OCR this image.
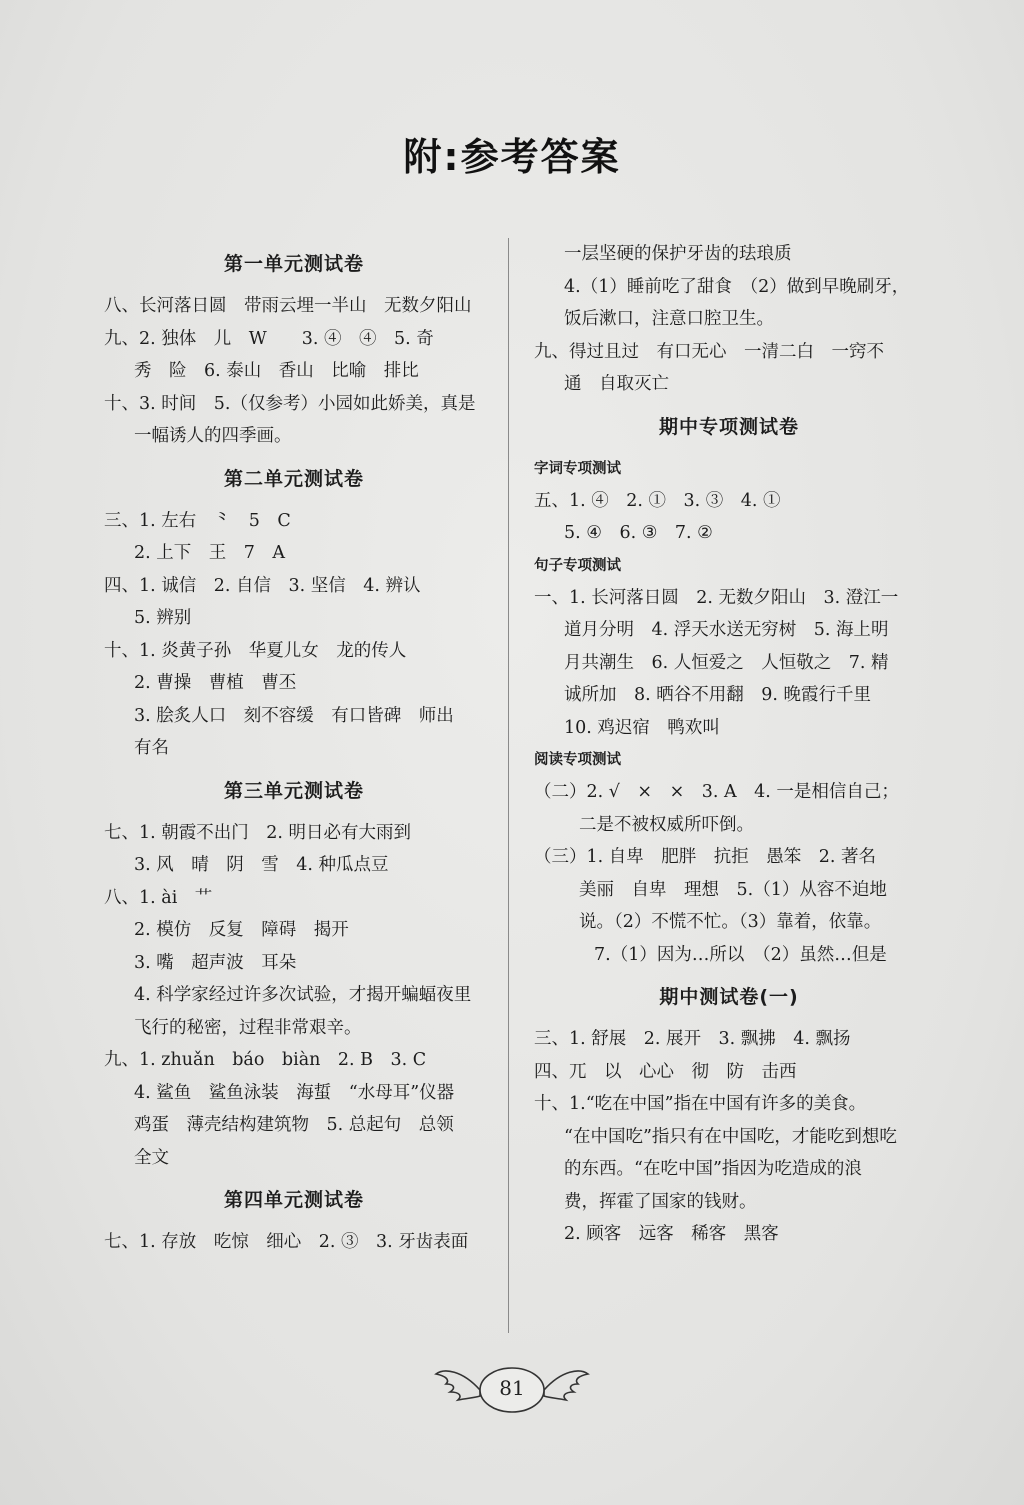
附:参考答案
第一单元测试卷
八、长河落日圆　带雨云埋一半山　无数夕阳山
九、2. 独体　儿　W　　3. ④　④　5. 奇
秀　险　6. 泰山　香山　比喻　排比
十、3. 时间　5.（仅参考）小园如此娇美，真是
一幅诱人的四季画。
第二单元测试卷
三、1. 左右　⺀　5　C
2. 上下　王　7　A
四、1. 诚信　2. 自信　3. 坚信　4. 辨认
5. 辨别
十、1. 炎黄子孙　华夏儿女　龙的传人
2. 曹操　曹植　曹丕
3. 脍炙人口　刻不容缓　有口皆碑　师出
有名
第三单元测试卷
七、1. 朝霞不出门　2. 明日必有大雨到
3. 风　晴　阴　雪　4. 种瓜点豆
八、1. ài　艹
2. 模仿　反复　障碍　揭开
3. 嘴　超声波　耳朵
4. 科学家经过许多次试验，才揭开蝙蝠夜里
飞行的秘密，过程非常艰辛。
九、1. zhuǎn　báo　biàn　2. B　3. C
4. 鲨鱼　鲨鱼泳装　海蜇　“水母耳”仪器
鸡蛋　薄壳结构建筑物　5. 总起句　总领
全文
第四单元测试卷
七、1. 存放　吃惊　细心　2. ③　3. 牙齿表面
一层坚硬的保护牙齿的珐琅质
4.（1）睡前吃了甜食　（2）做到早晚刷牙，
饭后漱口，注意口腔卫生。
九、得过且过　有口无心　一清二白　一窍不
通　自取灭亡
期中专项测试卷
字词专项测试
五、1. ④　2. ①　3. ③　4. ①
5. ④　6. ③　7. ②
句子专项测试
一、1. 长河落日圆　2. 无数夕阳山　3. 澄江一
道月分明　4. 浮天水送无穷树　5. 海上明
月共潮生　6. 人恒爱之　人恒敬之　7. 精
诚所加　8. 晒谷不用翻　9. 晚霞行千里
10. 鸡迟宿　鸭欢叫
阅读专项测试
（二）2. √　×　×　3. A　4. 一是相信自己；
二是不被权威所吓倒。
（三）1. 自卑　肥胖　抗拒　愚笨　2. 著名
美丽　自卑　理想　5.（1）从容不迫地
说。（2）不慌不忙。（3）靠着，依靠。
7.（1）因为…所以　（2）虽然…但是
期中测试卷(一)
三、1. 舒展　2. 展开　3. 飘拂　4. 飘扬
四、兀　以　心心　彻　防　击西
十、1.“吃在中国”指在中国有许多的美食。
“在中国吃”指只有在中国吃，才能吃到想吃
的东西。“在吃中国”指因为吃造成的浪
费，挥霍了国家的钱财。
2. 顾客　远客　稀客　黑客
81
